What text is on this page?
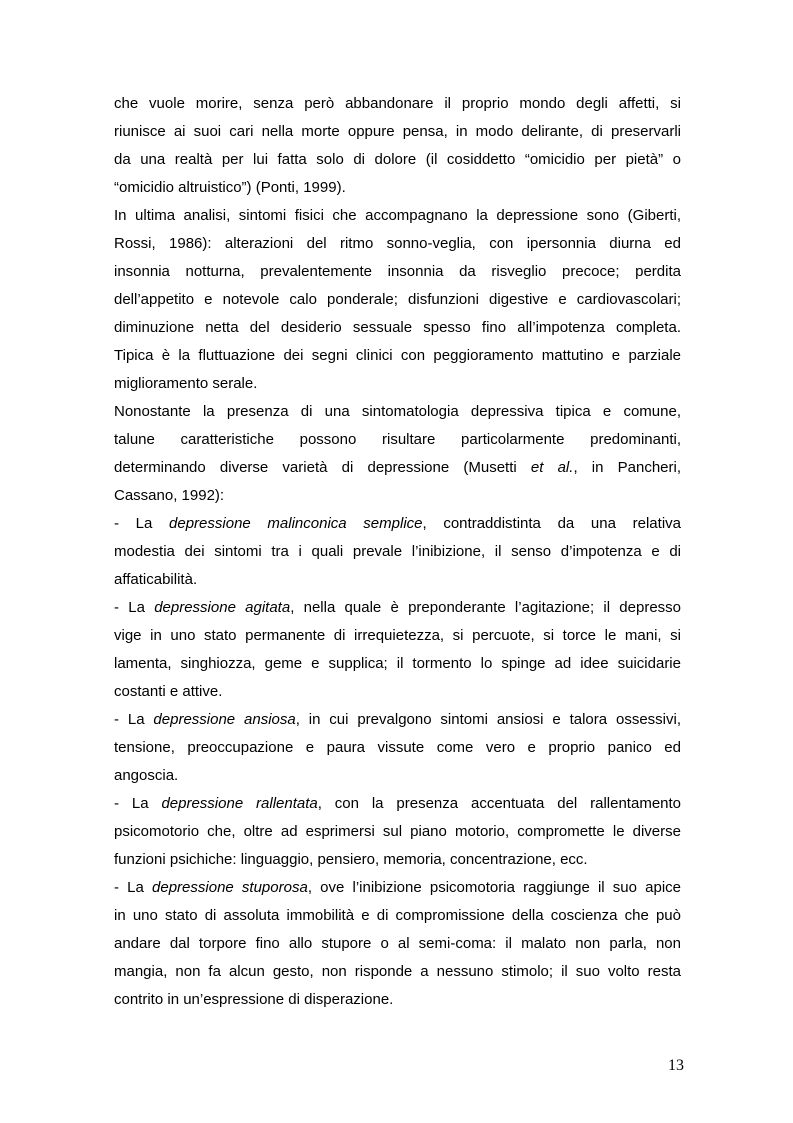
che vuole morire, senza però abbandonare il proprio mondo degli affetti, si
riunisce ai suoi cari nella morte oppure pensa, in modo delirante, di preservarli
da una realtà per lui fatta solo di dolore (il cosiddetto “omicidio per pietà” o
“omicidio altruistico”) (Ponti, 1999).
In ultima analisi, sintomi fisici che accompagnano la depressione sono (Giberti,
Rossi, 1986): alterazioni del ritmo sonno-veglia, con ipersonnia diurna ed
insonnia notturna, prevalentemente insonnia da risveglio precoce; perdita
dell’appetito e notevole calo ponderale; disfunzioni digestive e cardiovascolari;
diminuzione netta del desiderio sessuale spesso fino all’impotenza completa.
Tipica è la fluttuazione dei segni clinici con peggioramento mattutino e parziale
miglioramento serale.
Nonostante la presenza di una sintomatologia depressiva tipica e comune,
talune caratteristiche possono risultare particolarmente predominanti,
determinando diverse varietà di depressione (Musetti et al., in Pancheri,
Cassano, 1992):
- La depressione malinconica semplice, contraddistinta da una relativa
modestia dei sintomi tra i quali prevale l’inibizione, il senso d’impotenza e di
affaticabilità.
- La depressione agitata, nella quale è preponderante l’agitazione; il depresso
vige in uno stato permanente di irrequietezza, si percuote, si torce le mani, si
lamenta, singhiozza, geme e supplica; il tormento lo spinge ad idee suicidarie
costanti e attive.
- La depressione ansiosa, in cui prevalgono sintomi ansiosi e talora ossessivi,
tensione, preoccupazione e paura vissute come vero e proprio panico ed
angoscia.
- La depressione rallentata, con la presenza accentuata del rallentamento
psicomotorio che, oltre ad esprimersi sul piano motorio, compromette le diverse
funzioni psichiche: linguaggio, pensiero, memoria, concentrazione, ecc.
- La depressione stuporosa, ove l’inibizione psicomotoria raggiunge il suo apice
in uno stato di assoluta immobilità e di compromissione della coscienza che può
andare dal torpore fino allo stupore o al semi-coma: il malato non parla, non
mangia, non fa alcun gesto, non risponde a nessuno stimolo; il suo volto resta
contrito in un’espressione di disperazione.
13
